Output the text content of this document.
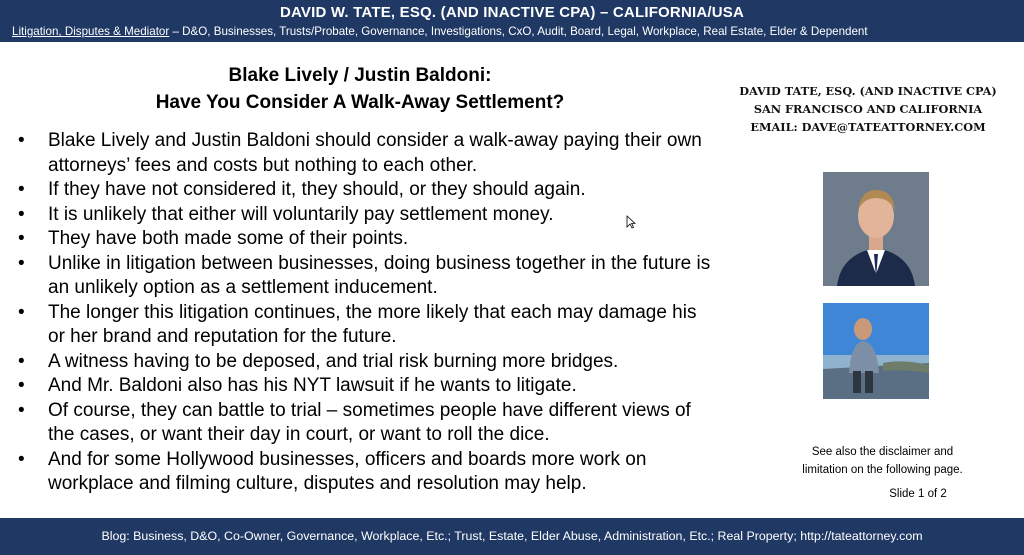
DAVID W. TATE, ESQ. (AND INACTIVE CPA) – CALIFORNIA/USA
Litigation, Disputes & Mediator – D&O, Businesses, Trusts/Probate, Governance, Investigations, CxO, Audit, Board, Legal, Workplace, Real Estate, Elder & Dependent
Blake Lively / Justin Baldoni:
Have You Consider A Walk-Away Settlement?
• Blake Lively and Justin Baldoni should consider a walk-away paying their own attorneys’ fees and costs but nothing to each other.
• If they have not considered it, they should, or they should again.
• It is unlikely that either will voluntarily pay settlement money.
• They have both made some of their points.
• Unlike in litigation between businesses, doing business together in the future is an unlikely option as a settlement inducement.
• The longer this litigation continues, the more likely that each may damage his or her brand and reputation for the future.
• A witness having to be deposed, and trial risk burning more bridges.
• And Mr. Baldoni also has his NYT lawsuit if he wants to litigate.
• Of course, they can battle to trial – sometimes people have different views of the cases, or want their day in court, or want to roll the dice.
• And for some Hollywood businesses, officers and boards more work on workplace and filming culture, disputes and resolution may help.
DAVID TATE, ESQ. (AND INACTIVE CPA)
SAN FRANCISCO AND CALIFORNIA
EMAIL: DAVE@TATEATTORNEY.COM
See also the disclaimer and
limitation on the following page.
Slide 1 of 2
Blog: Business, D&O, Co-Owner, Governance, Workplace, Etc.; Trust, Estate, Elder Abuse, Administration, Etc.; Real Property; http://tateattorney.com
